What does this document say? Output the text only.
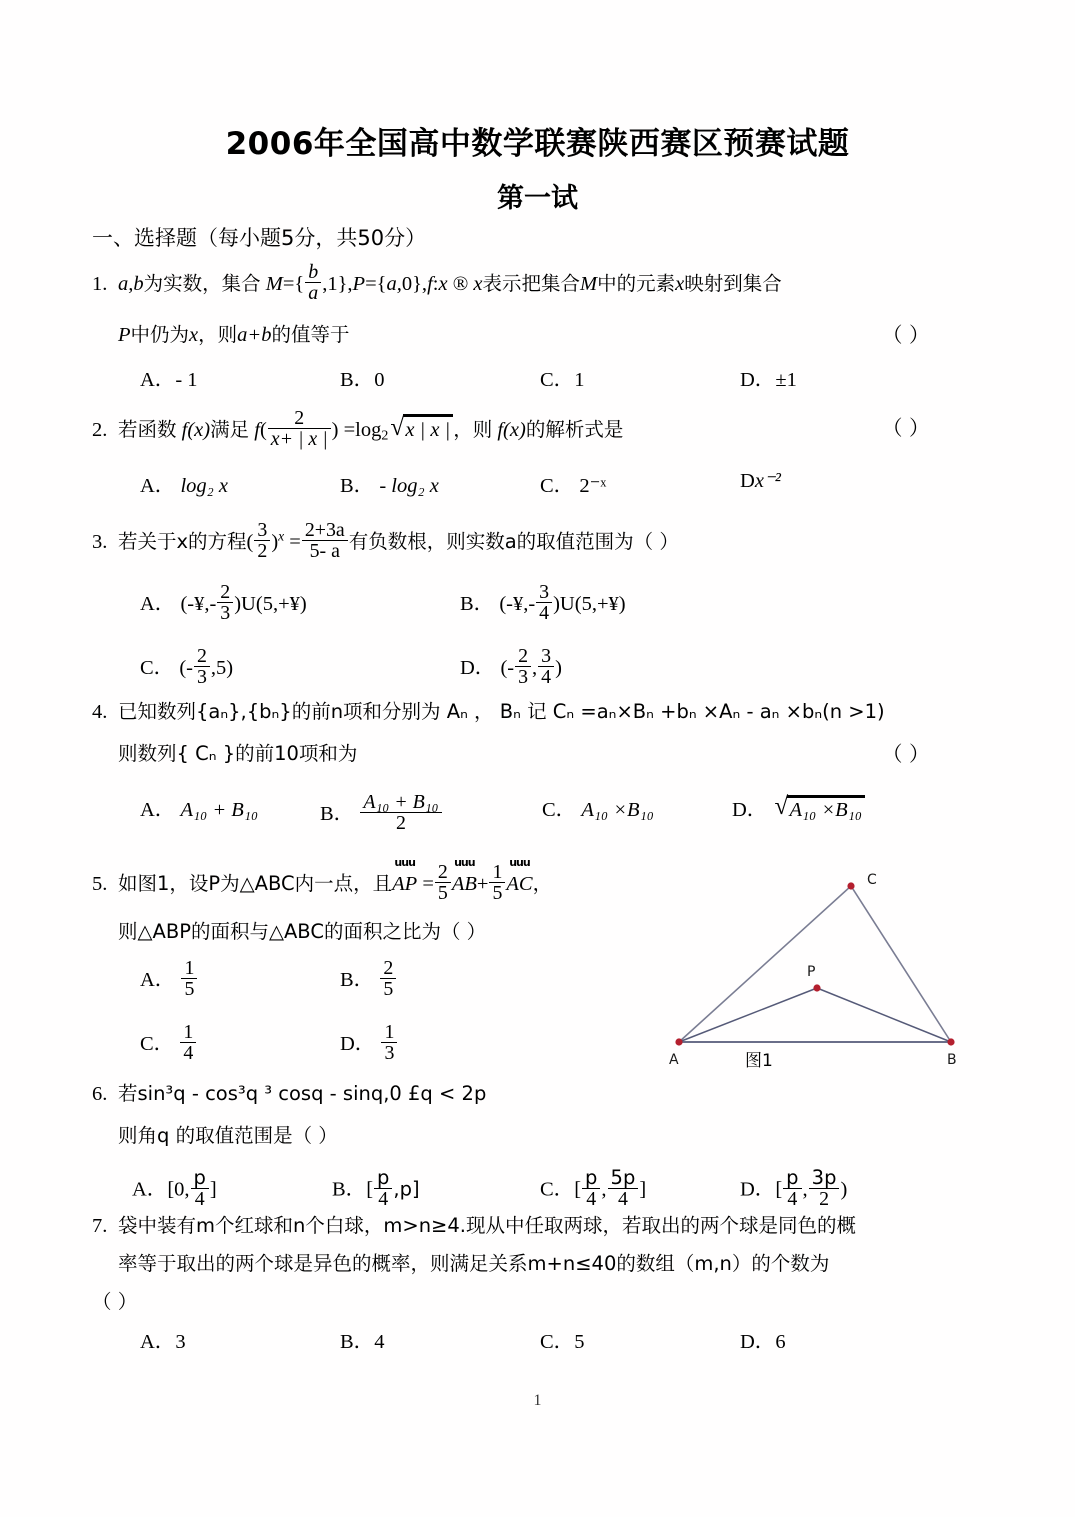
2006年全国高中数学联赛陕西赛区预赛试题
第一试
一、选择题（每小题5分，共50分）
1. a,b为实数，集合 $M=\{ \frac{b}{a}$ ,1},P={a,0},f:x ® x表示把集合M中的元素x映射到集合
P中仍为x，则a+b的值等于	（ ）
A．- 1	B．0	C．1	D．±1
2. 若函数 f(x)满足 $f( \frac{2}{x+ | x |}$ ) =log2 √ x | x | ，则 f(x)的解析式是	（ ）
A． log₂ x	B． - log₂ x	C． 2⁻ˣ	Dx⁻²
3. 若关于x的方程( $\frac{3}{2} )^x = \frac{2+3a}{5- a}$ 有负数根，则实数a的取值范围为（ ）
A． (-¥,- $\frac{2}{3}$ )U(5,+¥)	B． (-¥,- $\frac{3}{4}$ )U(5,+¥)
C． (- $\frac{2}{3} ,5$)	D． (- $\frac{2}{3}$ , $\frac{3}{4}$ )
4. 已知数列{aₙ},{bₙ}的前n项和分别为 Aₙ ， Bₙ 记 Cₙ =aₙ×Bₙ +bₙ ×Aₙ - aₙ ×bₙ(n >1)
则数列{ Cₙ }的前10项和为	（ ）
A． A₁₀ + B₁₀	B． $\frac{\text{A₁₀ + B₁₀}}{2}$	C． A₁₀ ×B₁₀	D． √ A₁₀ ×B₁₀
5. 如图1，设P为△ABC内一点，且
uuu
AP = $\frac{2}{5}$ uuu
$AB+ \frac{1}{5}$ uuu
AC，
则△ABP的面积与△ABC的面积之比为（ ）
A． $\frac{1}{5}$	B． $\frac{2}{5}$
C． $\frac{1}{4}$	D． $\frac{1}{3}$	A	B
C
P
图1
6. 若sin³q - cos³q ³ cosq - sinq,0 £q < 2p
则角q 的取值范围是（ ）
A．[0, $\frac{p}{4}$ ]	B．[ $\frac{p}{4} ,p$]	C．[ $\frac{p}{4}$ , $\frac{5p}{4}$ ]	D．[ $\frac{p}{4}$ , $\frac{3p}{2}$ )
7. 袋中装有m个红球和n个白球，m>n≥4.现从中任取两球，若取出的两个球是同色的概
率等于取出的两个球是异色的概率，则满足关系m+n≤40的数组（m,n）的个数为
（ ）
A．3	B．4	C．5	D．6
1
